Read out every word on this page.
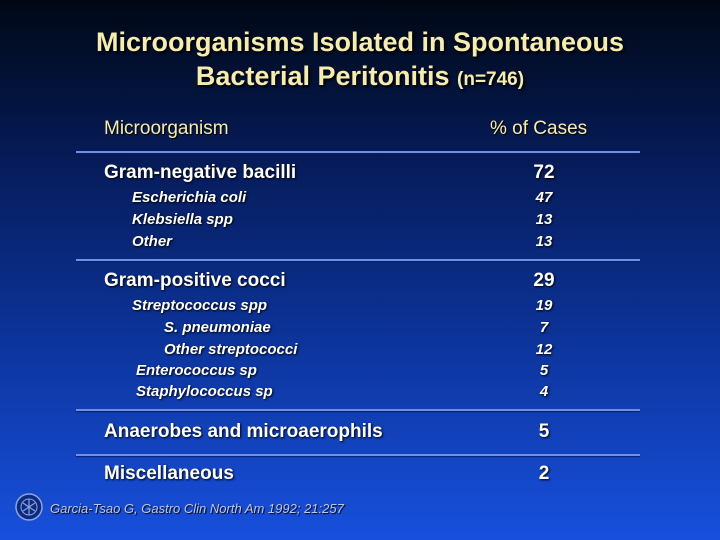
Microorganisms Isolated in Spontaneous
Bacterial Peritonitis (n=746)
Microorganism	% of Cases
Gram-negative bacilli	72
Escherichia coli	47
Klebsiella spp	13
Other	13
Gram-positive cocci	29
Streptococcus spp	19
S. pneumoniae	7
Other streptococci	12
Enterococcus sp	5
Staphylococcus sp	4
Anaerobes and microaerophils	5
Miscellaneous	2
Garcia-Tsao G, Gastro Clin North Am 1992; 21:257
